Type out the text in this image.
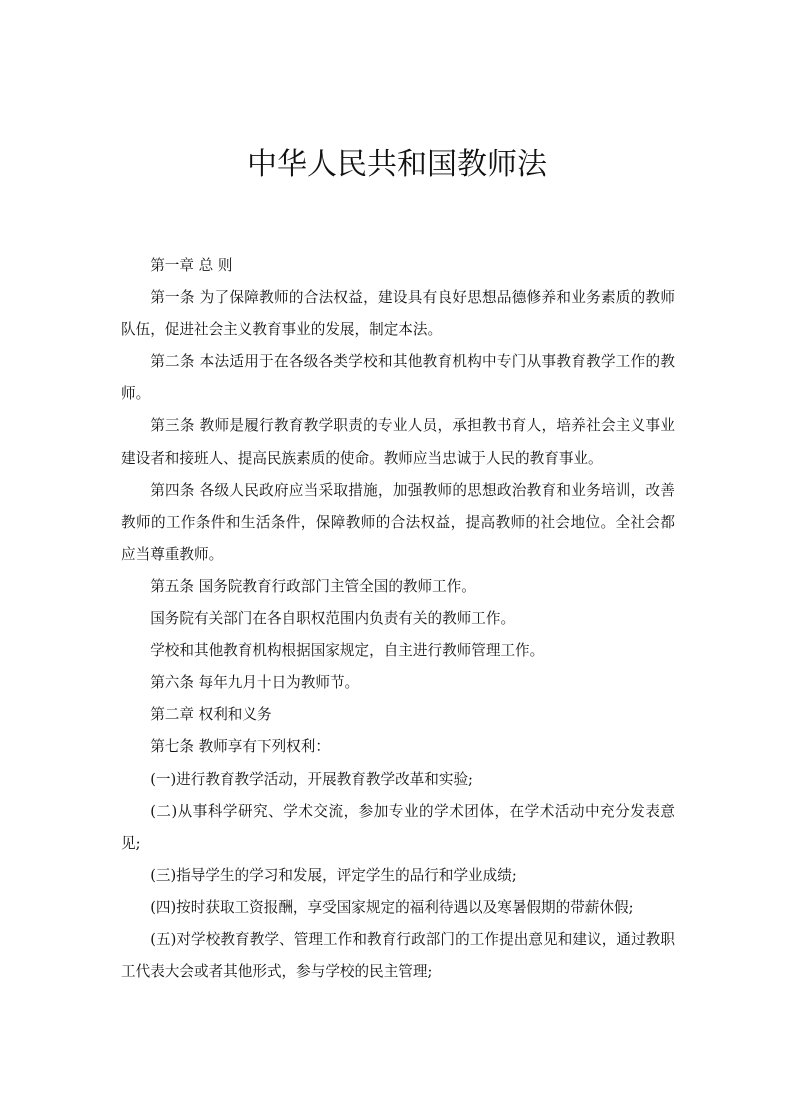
中华人民共和国教师法

第一章 总 则

第一条 为了保障教师的合法权益，建设具有良好思想品德修养和业务素质的教师队伍，促进社会主义教育事业的发展，制定本法。

第二条 本法适用于在各级各类学校和其他教育机构中专门从事教育教学工作的教师。

第三条 教师是履行教育教学职责的专业人员，承担教书育人，培养社会主义事业建设者和接班人、提高民族素质的使命。教师应当忠诚于人民的教育事业。

第四条 各级人民政府应当采取措施，加强教师的思想政治教育和业务培训，改善教师的工作条件和生活条件，保障教师的合法权益，提高教师的社会地位。全社会都应当尊重教师。

第五条 国务院教育行政部门主管全国的教师工作。

国务院有关部门在各自职权范围内负责有关的教师工作。

学校和其他教育机构根据国家规定，自主进行教师管理工作。

第六条 每年九月十日为教师节。

第二章 权利和义务

第七条 教师享有下列权利：

(一)进行教育教学活动，开展教育教学改革和实验;

(二)从事科学研究、学术交流，参加专业的学术团体，在学术活动中充分发表意见;

(三)指导学生的学习和发展，评定学生的品行和学业成绩;

(四)按时获取工资报酬，享受国家规定的福利待遇以及寒暑假期的带薪休假;

(五)对学校教育教学、管理工作和教育行政部门的工作提出意见和建议，通过教职工代表大会或者其他形式，参与学校的民主管理;
